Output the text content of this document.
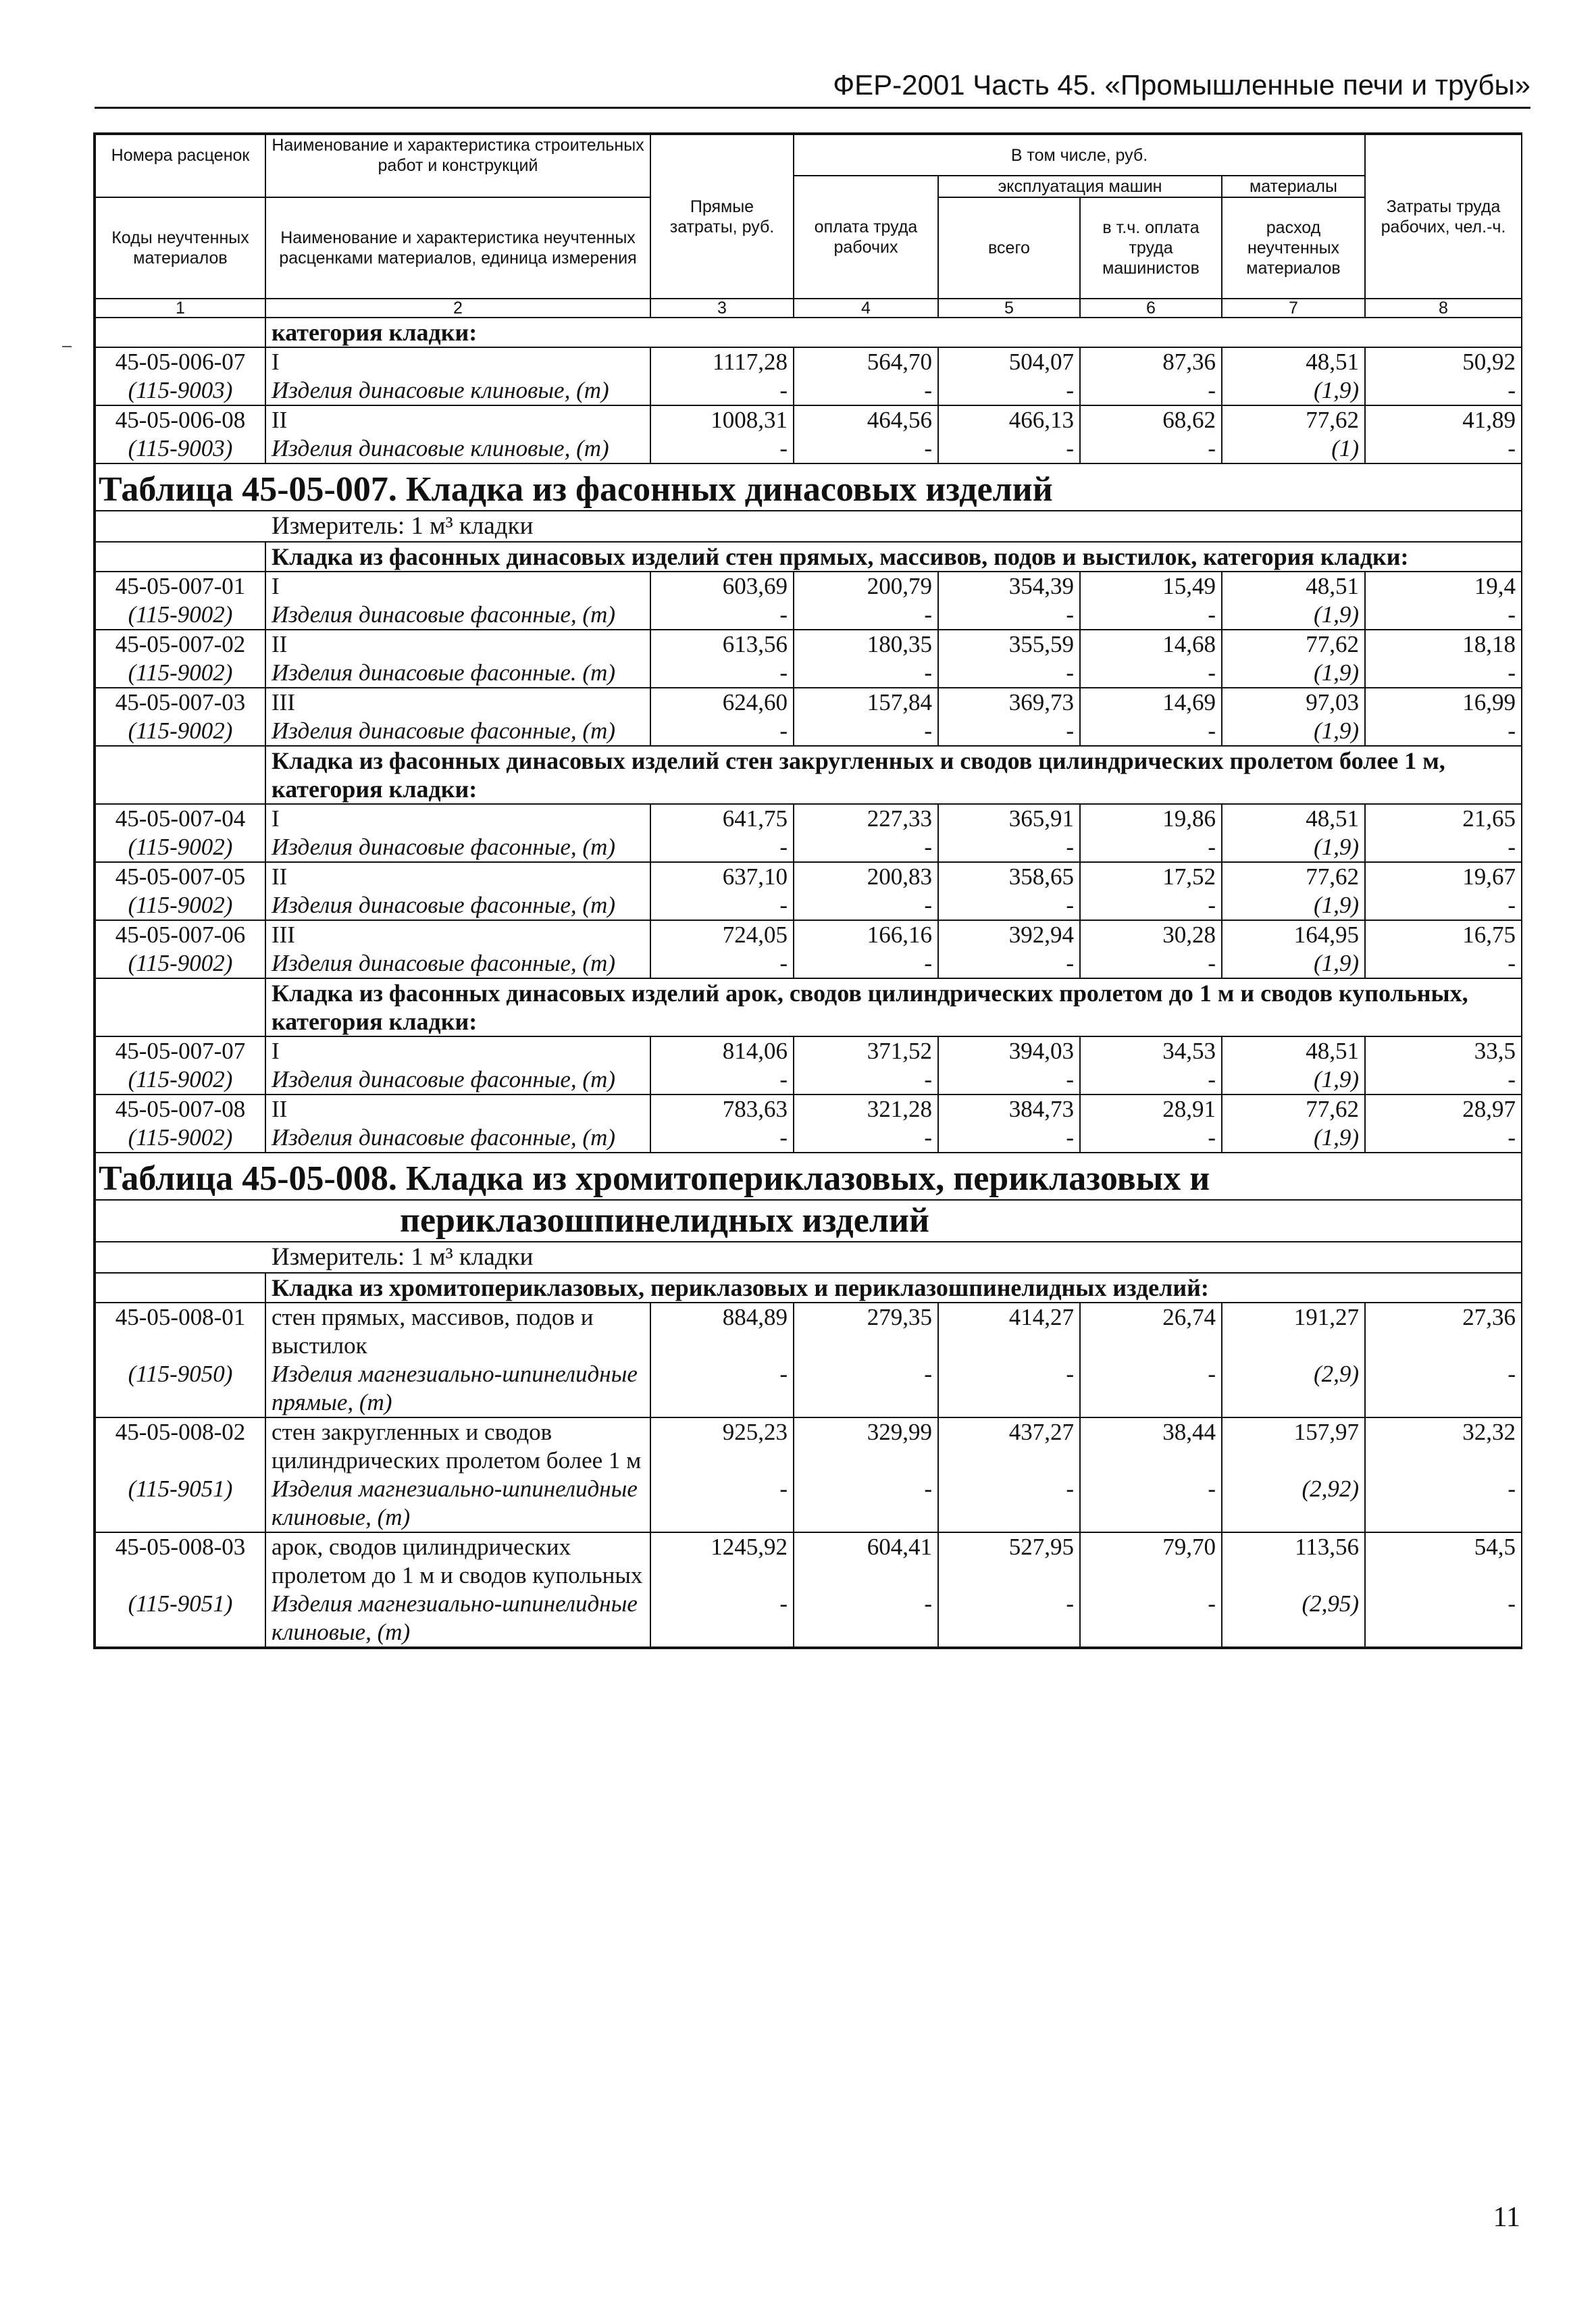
ФЕР-2001 Часть 45. «Промышленные печи и трубы»
Номера расценок	Наименование и характеристика строительных работ и конструкций	Прямые затраты, руб.	В том числе, руб.				Затраты труда рабочих, чел.-ч.
			оплата труда рабочих	эксплуатация машин		материалы	
Коды неучтенных материалов	Наименование и характеристика неучтенных расценками материалов, единица измерения			всего	в т.ч. оплата труда машинистов	расход неучтенных материалов	
1	2	3	4	5	6	7	8
	категория кладки:						
45-05-006-07	I	1117,28	564,70	504,07	87,36	48,51	50,92
(115-9003)	Изделия динасовые клиновые, (т)	-	-	-	-	(1,9)	-
45-05-006-08	II	1008,31	464,56	466,13	68,62	77,62	41,89
(115-9003)	Изделия динасовые клиновые, (т)	-	-	-	-	(1)	-
Таблица 45-05-007. Кладка из фасонных динасовых изделий							
Измеритель: 1 м³ кладки							
	Кладка из фасонных динасовых изделий стен прямых, массивов, подов и выстилок, категория кладки:						
45-05-007-01	I	603,69	200,79	354,39	15,49	48,51	19,4
(115-9002)	Изделия динасовые фасонные, (т)	-	-	-	-	(1,9)	-
45-05-007-02	II	613,56	180,35	355,59	14,68	77,62	18,18
(115-9002)	Изделия динасовые фасонные. (т)	-	-	-	-	(1,9)	-
45-05-007-03	III	624,60	157,84	369,73	14,69	97,03	16,99
(115-9002)	Изделия динасовые фасонные, (т)	-	-	-	-	(1,9)	-
	Кладка из фасонных динасовых изделий стен закругленных и сводов цилиндрических пролетом более 1 м, категория кладки:						
45-05-007-04	I	641,75	227,33	365,91	19,86	48,51	21,65
(115-9002)	Изделия динасовые фасонные, (т)	-	-	-	-	(1,9)	-
45-05-007-05	II	637,10	200,83	358,65	17,52	77,62	19,67
(115-9002)	Изделия динасовые фасонные, (т)	-	-	-	-	(1,9)	-
45-05-007-06	III	724,05	166,16	392,94	30,28	164,95	16,75
(115-9002)	Изделия динасовые фасонные, (т)	-	-	-	-	(1,9)	-
	Кладка из фасонных динасовых изделий арок, сводов цилиндрических пролетом до 1 м и сводов купольных, категория кладки:						
45-05-007-07	I	814,06	371,52	394,03	34,53	48,51	33,5
(115-9002)	Изделия динасовые фасонные, (т)	-	-	-	-	(1,9)	-
45-05-007-08	II	783,63	321,28	384,73	28,91	77,62	28,97
(115-9002)	Изделия динасовые фасонные, (т)	-	-	-	-	(1,9)	-
Таблица 45-05-008. Кладка из хромитопериклазовых, периклазовых и							
периклазошпинелидных изделий							
Измеритель: 1 м³ кладки							
	Кладка из хромитопериклазовых, периклазовых и периклазошпинелидных изделий:						
45-05-008-01	стен прямых, массивов, подов и выстилок	884,89	279,35	414,27	26,74	191,27	27,36
(115-9050)	Изделия магнезиально-шпинелидные прямые, (т)	-	-	-	-	(2,9)	-
45-05-008-02	стен закругленных и сводов цилиндрических пролетом более 1 м	925,23	329,99	437,27	38,44	157,97	32,32
(115-9051)	Изделия магнезиально-шпинелидные клиновые, (т)	-	-	-	-	(2,92)	-
45-05-008-03	арок, сводов цилиндрических пролетом до 1 м и сводов купольных	1245,92	604,41	527,95	79,70	113,56	54,5
(115-9051)	Изделия магнезиально-шпинелидные клиновые, (т)	-	-	-	-	(2,95)	-
11
